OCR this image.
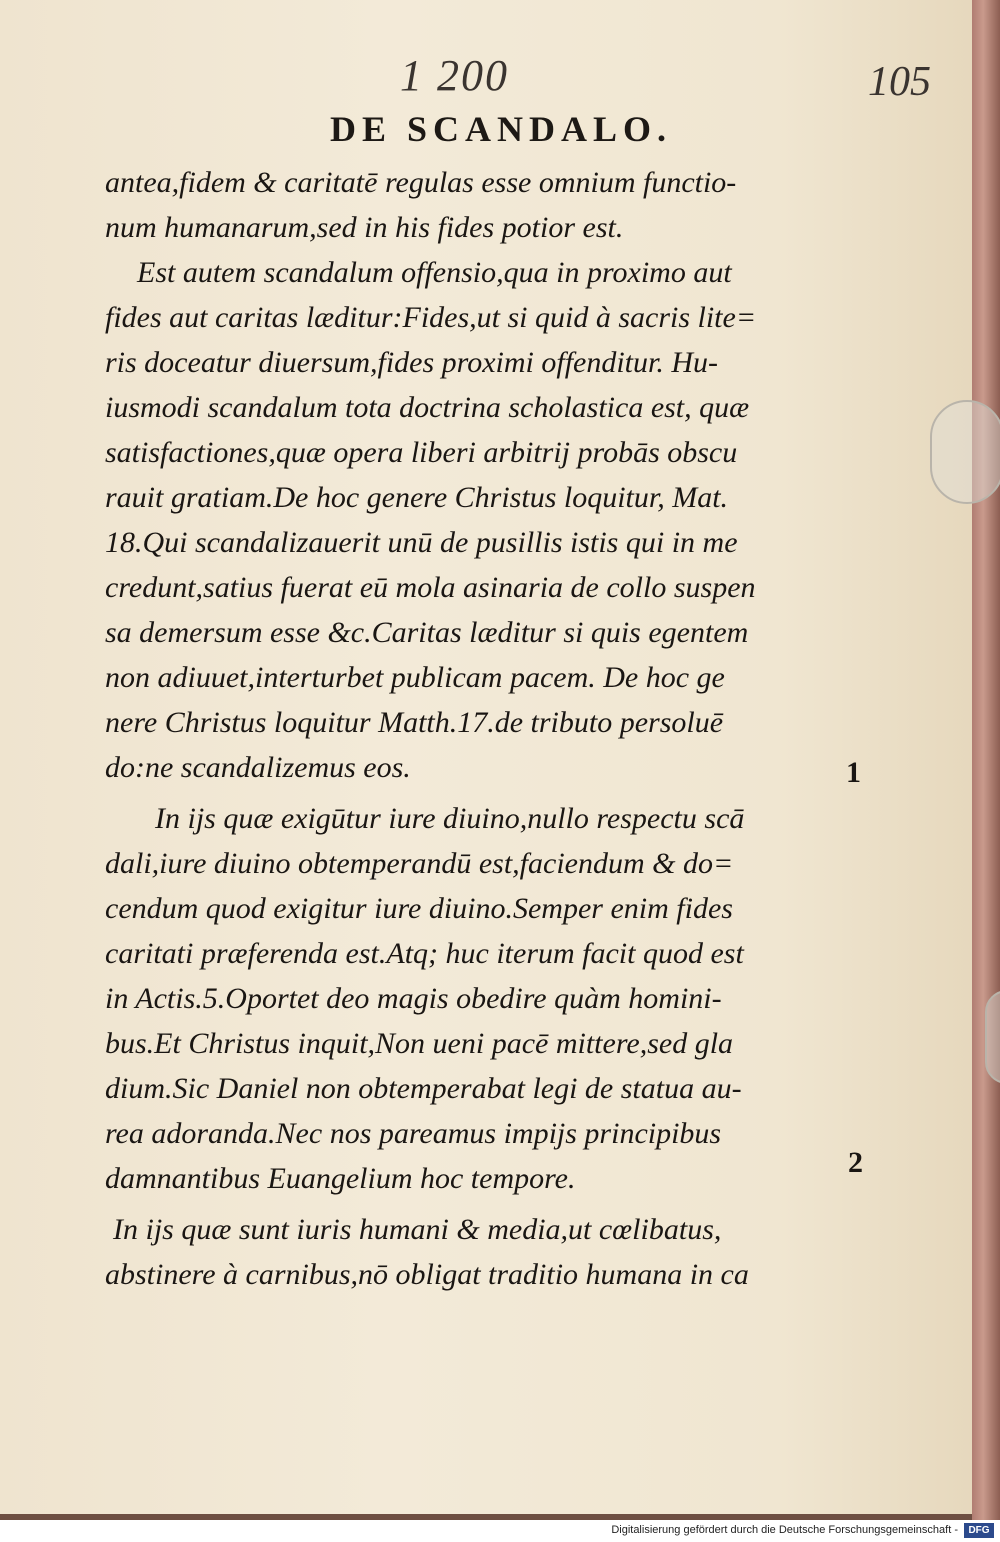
1 200	105
DE SCANDALO.
antea,fidem & caritatē regulas esse omnium functio-
num humanarum,sed in his fides potior est.
Est autem scandalum offensio,qua in proximo aut
fides aut caritas læditur:Fides,ut si quid à sacris lite=
ris doceatur diuersum,fides proximi offenditur. Hu-
iusmodi scandalum tota doctrina scholastica est, quæ
satisfactiones,quæ opera liberi arbitrij probās obscu
rauit gratiam.De hoc genere Christus loquitur, Mat.
18.Qui scandalizauerit unū de pusillis istis qui in me
credunt,satius fuerat eū mola asinaria de collo suspen
sa demersum esse &c.Caritas læditur si quis egentem
non adiuuet,interturbet publicam pacem. De hoc ge
nere Christus loquitur Matth.17.de tributo persoluē
do:ne scandalizemus eos.
In ijs quæ exigūtur iure diuino,nullo respectu scā
dali,iure diuino obtemperandū est,faciendum & do=
cendum quod exigitur iure diuino.Semper enim fides
caritati præferenda est.Atq; huc iterum facit quod est
in Actis.5.Oportet deo magis obedire quàm homini-
bus.Et Christus inquit,Non ueni pacē mittere,sed gla
dium.Sic Daniel non obtemperabat legi de statua au-
rea adoranda.Nec nos pareamus impijs principibus
damnantibus Euangelium hoc tempore.
In ijs quæ sunt iuris humani & media,ut cœlibatus,
abstinere à carnibus,nō obligat traditio humana in ca
1
2
Digitalisierung gefördert durch die Deutsche Forschungsgemeinschaft -	DFG
